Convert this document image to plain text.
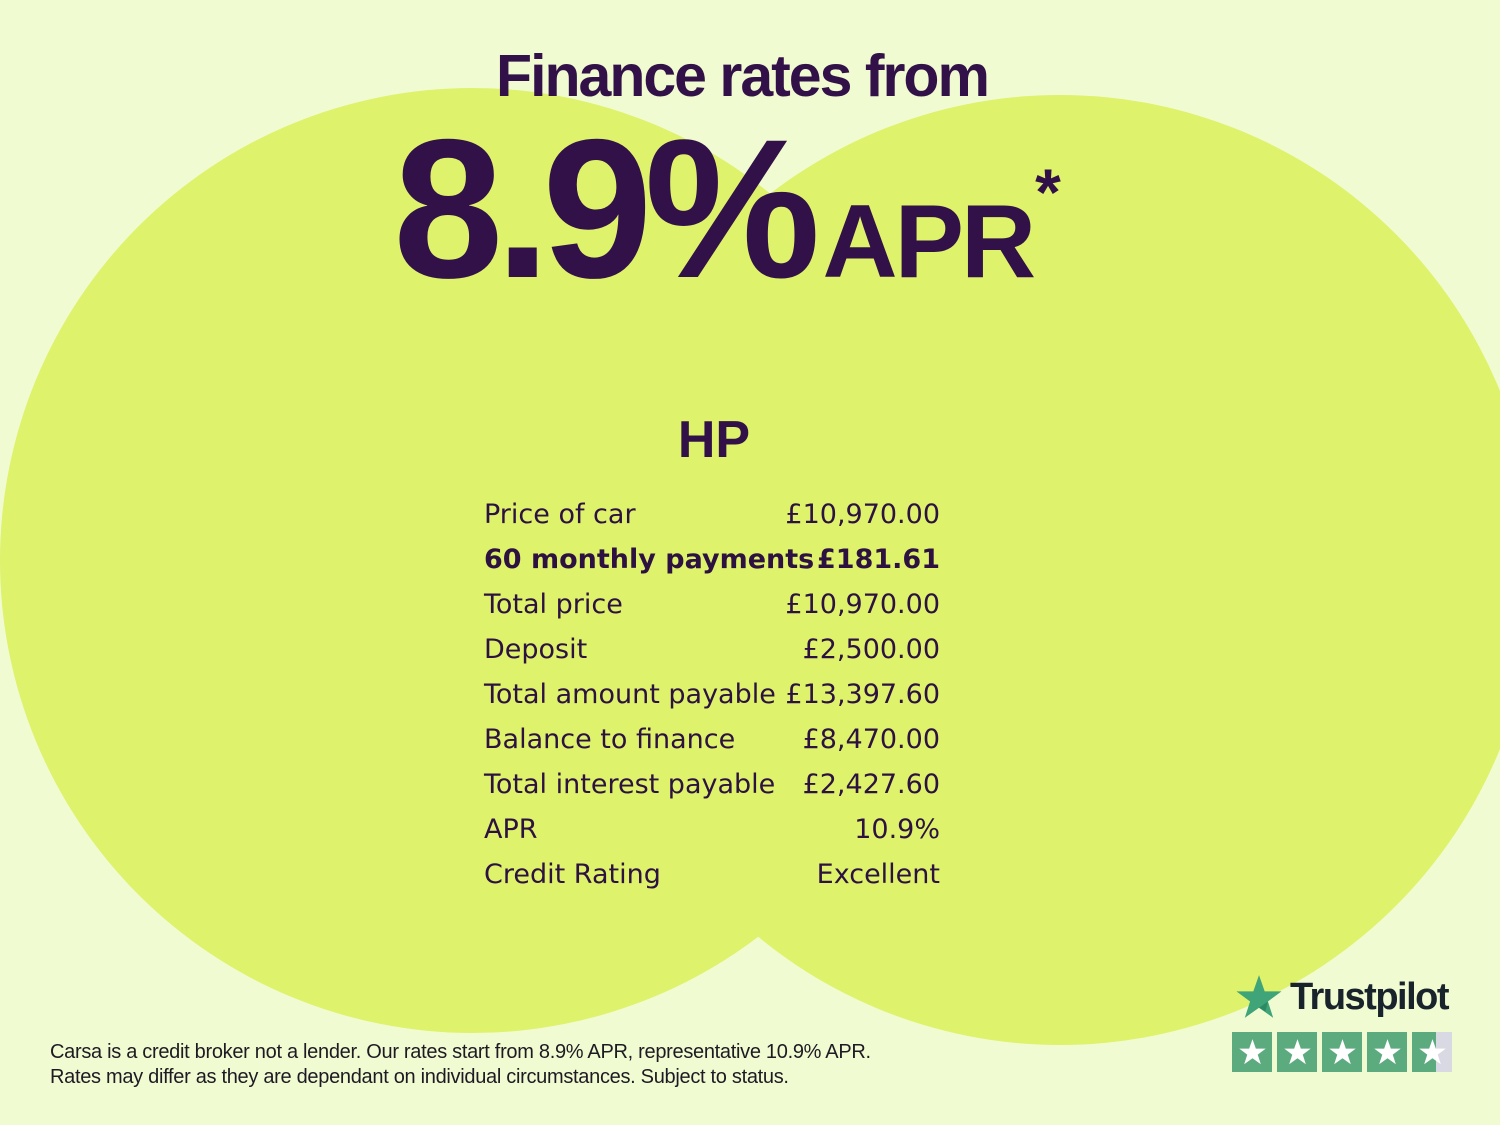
Finance rates from
8.9%APR*
HP
Price of car	£10,970.00
60 monthly payments £181.61
Total price	£10,970.00
Deposit	£2,500.00
Total amount payable £13,397.60
Balance to finance £8,470.00
Total interest payable £2,427.60
APR	10.9%
Credit Rating	Excellent
Carsa is a credit broker not a lender. Our rates start from 8.9% APR, representative 10.9% APR.
Rates may differ as they are dependant on individual circumstances. Subject to status.
Trustpilot
